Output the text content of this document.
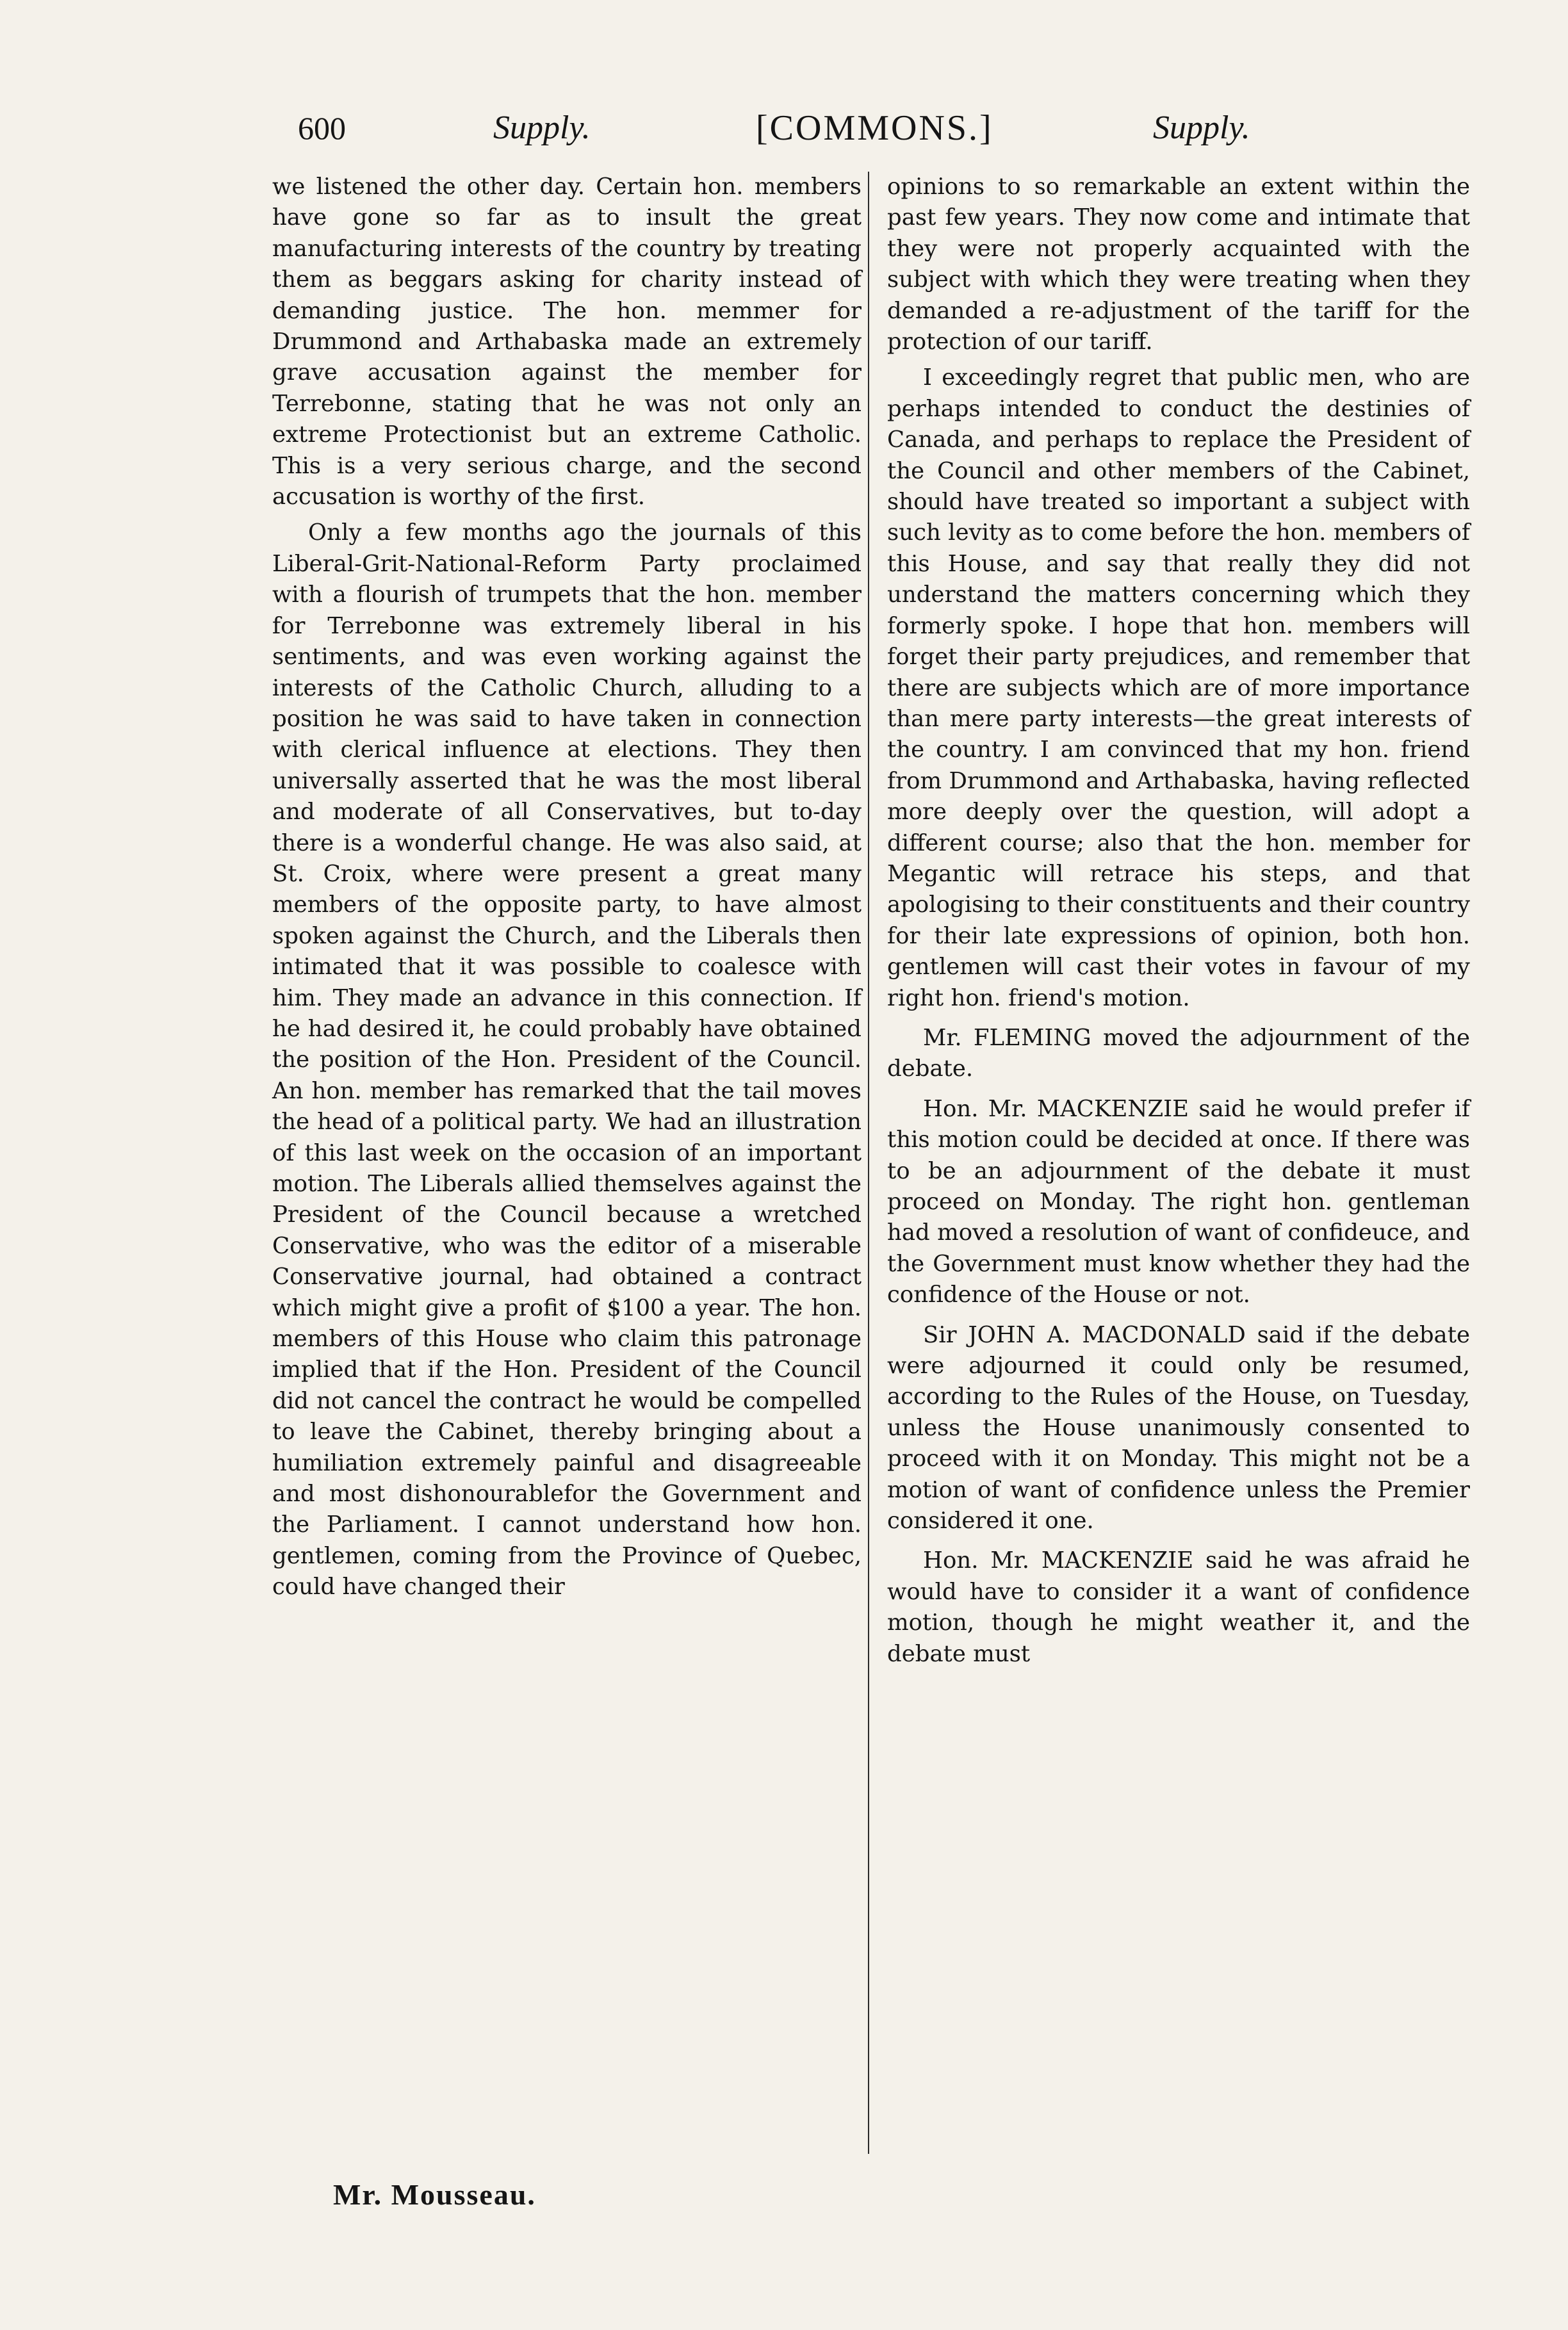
600	Supply.	[COMMONS.]	Supply.

we listened the other day. Certain hon. members have gone so far as to insult the great manufacturing interests of the country by treating them as beggars asking for charity instead of demanding justice. The hon. memmer for Drummond and Arthabaska made an extremely grave accusation against the member for Terrebonne, stating that he was not only an extreme Protectionist but an extreme Catholic. This is a very serious charge, and the second accusation is worthy of the first.

Only a few months ago the journals of this Liberal-Grit-National-Reform Party proclaimed with a flourish of trumpets that the hon. member for Terrebonne was extremely liberal in his sentiments, and was even working against the interests of the Catholic Church, alluding to a position he was said to have taken in connection with clerical influence at elections. They then universally asserted that he was the most liberal and moderate of all Conservatives, but to-day there is a wonderful change. He was also said, at St. Croix, where were present a great many members of the opposite party, to have almost spoken against the Church, and the Liberals then intimated that it was possible to coalesce with him. They made an advance in this connection. If he had desired it, he could probably have obtained the position of the Hon. President of the Council. An hon. member has remarked that the tail moves the head of a political party. We had an illustration of this last week on the occasion of an important motion. The Liberals allied themselves against the President of the Council because a wretched Conservative, who was the editor of a miserable Conservative journal, had obtained a contract which might give a profit of $100 a year. The hon. members of this House who claim this patronage implied that if the Hon. President of the Council did not cancel the contract he would be compelled to leave the Cabinet, thereby bringing about a humiliation extremely painful and disagreeable and most dishonourablefor the Government and the Parliament. I cannot understand how hon. gentlemen, coming from the Province of Quebec, could have changed their

opinions to so remarkable an extent within the past few years. They now come and intimate that they were not properly acquainted with the subject with which they were treating when they demanded a re-adjustment of the tariff for the protection of our tariff.

I exceedingly regret that public men, who are perhaps intended to conduct the destinies of Canada, and perhaps to replace the President of the Council and other members of the Cabinet, should have treated so important a subject with such levity as to come before the hon. members of this House, and say that really they did not understand the matters concerning which they formerly spoke. I hope that hon. members will forget their party prejudices, and remember that there are subjects which are of more importance than mere party interests—the great interests of the country. I am convinced that my hon. friend from Drummond and Arthabaska, having reflected more deeply over the question, will adopt a different course; also that the hon. member for Megantic will retrace his steps, and that apologising to their constituents and their country for their late expressions of opinion, both hon. gentlemen will cast their votes in favour of my right hon. friend's motion.

Mr. FLEMING moved the adjournment of the debate.

Hon. Mr. MACKENZIE said he would prefer if this motion could be decided at once. If there was to be an adjournment of the debate it must proceed on Monday. The right hon. gentleman had moved a resolution of want of confideuce, and the Government must know whether they had the confidence of the House or not.

Sir JOHN A. MACDONALD said if the debate were adjourned it could only be resumed, according to the Rules of the House, on Tuesday, unless the House unanimously consented to proceed with it on Monday. This might not be a motion of want of confidence unless the Premier considered it one.

Hon. Mr. MACKENZIE said he was afraid he would have to consider it a want of confidence motion, though he might weather it, and the debate must

Mr. Mousseau.
